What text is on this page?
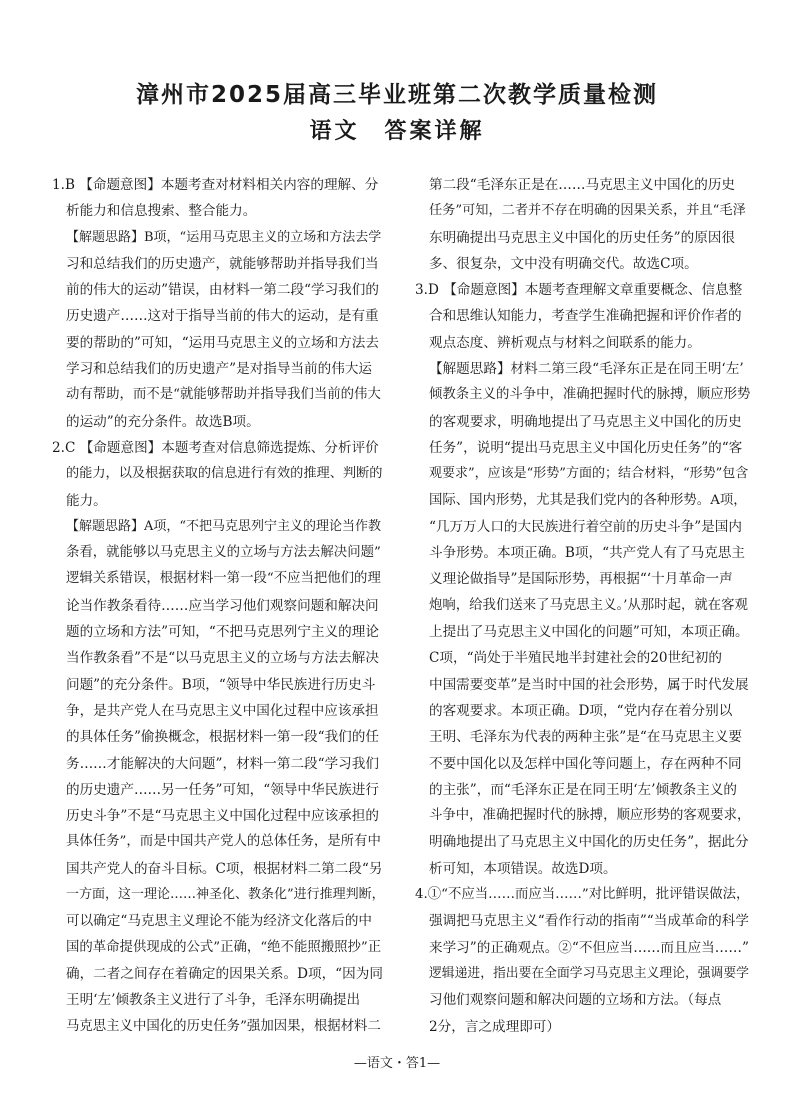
漳州市2025届高三毕业班第二次教学质量检测
语文　答案详解
1.B 【命题意图】本题考查对材料相关内容的理解、分
析能力和信息搜索、整合能力。
【解题思路】B项，“运用马克思主义的立场和方法去学
习和总结我们的历史遗产，就能够帮助并指导我们当
前的伟大的运动”错误，由材料一第二段“学习我们的
历史遗产……这对于指导当前的伟大的运动，是有重
要的帮助的”可知，“运用马克思主义的立场和方法去
学习和总结我们的历史遗产”是对指导当前的伟大运
动有帮助，而不是“就能够帮助并指导我们当前的伟大
的运动”的充分条件。故选B项。
2.C 【命题意图】本题考查对信息筛选提炼、分析评价
的能力，以及根据获取的信息进行有效的推理、判断的
能力。
【解题思路】A项，“不把马克思列宁主义的理论当作教
条看，就能够以马克思主义的立场与方法去解决问题”
逻辑关系错误，根据材料一第一段“不应当把他们的理
论当作教条看待……应当学习他们观察问题和解决问
题的立场和方法”可知，“不把马克思列宁主义的理论
当作教条看”不是“以马克思主义的立场与方法去解决
问题”的充分条件。B项，“领导中华民族进行历史斗
争，是共产党人在马克思主义中国化过程中应该承担
的具体任务”偷换概念，根据材料一第一段“我们的任
务……才能解决的大问题”，材料一第二段“学习我们
的历史遗产……另一任务”可知，“领导中华民族进行
历史斗争”不是“马克思主义中国化过程中应该承担的
具体任务”，而是中国共产党人的总体任务，是所有中
国共产党人的奋斗目标。C项，根据材料二第二段“另
一方面，这一理论……神圣化、教条化”进行推理判断，
可以确定“马克思主义理论不能为经济文化落后的中
国的革命提供现成的公式”正确，“绝不能照搬照抄”正
确，二者之间存在着确定的因果关系。D项，“因为同
王明‘左’倾教条主义进行了斗争，毛泽东明确提出
马克思主义中国化的历史任务”强加因果，根据材料二
第二段“毛泽东正是在……马克思主义中国化的历史
任务”可知，二者并不存在明确的因果关系，并且“毛泽
东明确提出马克思主义中国化的历史任务”的原因很
多、很复杂，文中没有明确交代。故选C项。
3.D 【命题意图】本题考查理解文章重要概念、信息整
合和思维认知能力，考查学生准确把握和评价作者的
观点态度、辨析观点与材料之间联系的能力。
【解题思路】材料二第三段“毛泽东正是在同王明‘左’
倾教条主义的斗争中，准确把握时代的脉搏，顺应形势
的客观要求，明确地提出了马克思主义中国化的历史
任务”，说明“提出马克思主义中国化历史任务”的“客
观要求”，应该是“形势”方面的；结合材料，“形势”包含
国际、国内形势，尤其是我们党内的各种形势。A项，
“几万万人口的大民族进行着空前的历史斗争”是国内
斗争形势。本项正确。B项，“共产党人有了马克思主
义理论做指导”是国际形势，再根据“‘十月革命一声
炮响，给我们送来了马克思主义。’从那时起，就在客观
上提出了马克思主义中国化的问题”可知，本项正确。
C项，“尚处于半殖民地半封建社会的20世纪初的
中国需要变革”是当时中国的社会形势，属于时代发展
的客观要求。本项正确。D项，“党内存在着分别以
王明、毛泽东为代表的两种主张”是“在马克思主义要
不要中国化以及怎样中国化等问题上，存在两种不同
的主张”，而“毛泽东正是在同王明‘左’倾教条主义的
斗争中，准确把握时代的脉搏，顺应形势的客观要求，
明确地提出了马克思主义中国化的历史任务”，据此分
析可知，本项错误。故选D项。
4.①“不应当……而应当……”对比鲜明，批评错误做法，
强调把马克思主义“看作行动的指南”“当成革命的科学
来学习”的正确观点。②“不但应当……而且应当……”
逻辑递进，指出要在全面学习马克思主义理论，强调要学
习他们观察问题和解决问题的立场和方法。（每点
2分，言之成理即可）
—语文・答1—
